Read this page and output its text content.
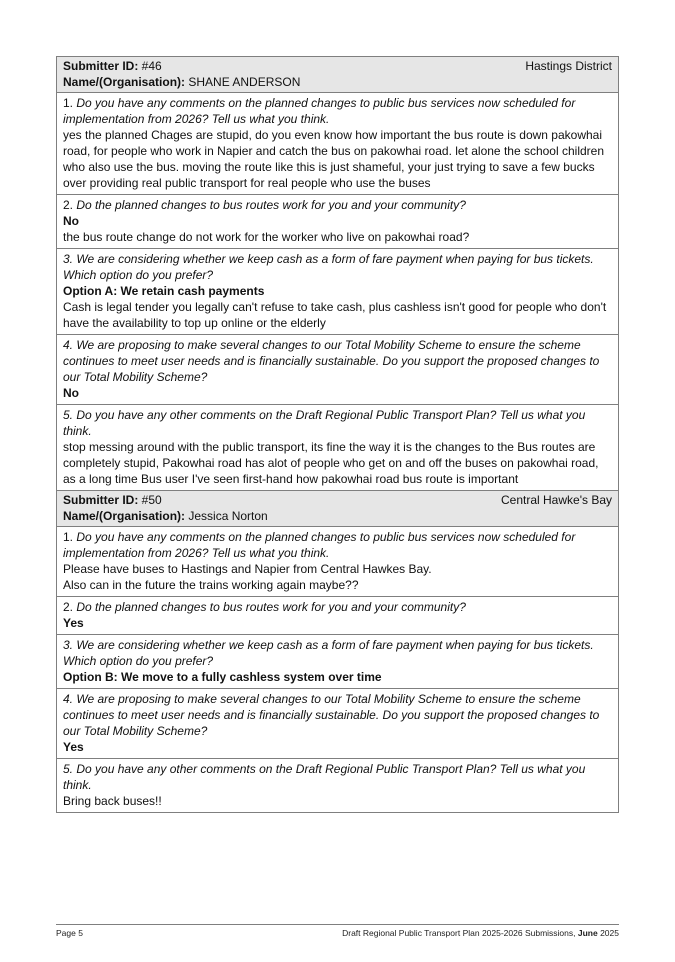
Submitter ID: #46	Hastings District
Name/(Organisation): SHANE ANDERSON
1. Do you have any comments on the planned changes to public bus services now scheduled for implementation from 2026? Tell us what you think.
yes the planned Chages are stupid, do you even know how important the bus route is down pakowhai road, for people who work in Napier and catch the bus on pakowhai road. let alone the school children who also use the bus. moving the route like this is just shameful, your just trying to save a few bucks over providing real public transport for real people who use the buses
2. Do the planned changes to bus routes work for you and your community?
No
the bus route change do not work for the worker who live on pakowhai road?
3. We are considering whether we keep cash as a form of fare payment when paying for bus tickets. Which option do you prefer?
Option A: We retain cash payments
Cash is legal tender you legally can't refuse to take cash, plus cashless isn't good for people who don't have the availability to top up online or the elderly
4. We are proposing to make several changes to our Total Mobility Scheme to ensure the scheme continues to meet user needs and is financially sustainable. Do you support the proposed changes to our Total Mobility Scheme?
No
5. Do you have any other comments on the Draft Regional Public Transport Plan? Tell us what you think.
stop messing around with the public transport, its fine the way it is the changes to the Bus routes are completely stupid, Pakowhai road has alot of people who get on and off the buses on pakowhai road, as a long time Bus user I've seen first-hand how pakowhai road bus route is important
Submitter ID: #50	Central Hawke's Bay
Name/(Organisation): Jessica Norton
1. Do you have any comments on the planned changes to public bus services now scheduled for implementation from 2026? Tell us what you think.
Please have buses to Hastings and Napier from Central Hawkes Bay.
Also can in the future the trains working again maybe??
2. Do the planned changes to bus routes work for you and your community?
Yes
3. We are considering whether we keep cash as a form of fare payment when paying for bus tickets. Which option do you prefer?
Option B: We move to a fully cashless system over time
4. We are proposing to make several changes to our Total Mobility Scheme to ensure the scheme continues to meet user needs and is financially sustainable. Do you support the proposed changes to our Total Mobility Scheme?
Yes
5. Do you have any other comments on the Draft Regional Public Transport Plan? Tell us what you think.
Bring back buses!!
Page 5	Draft Regional Public Transport Plan 2025-2026 Submissions, June 2025
